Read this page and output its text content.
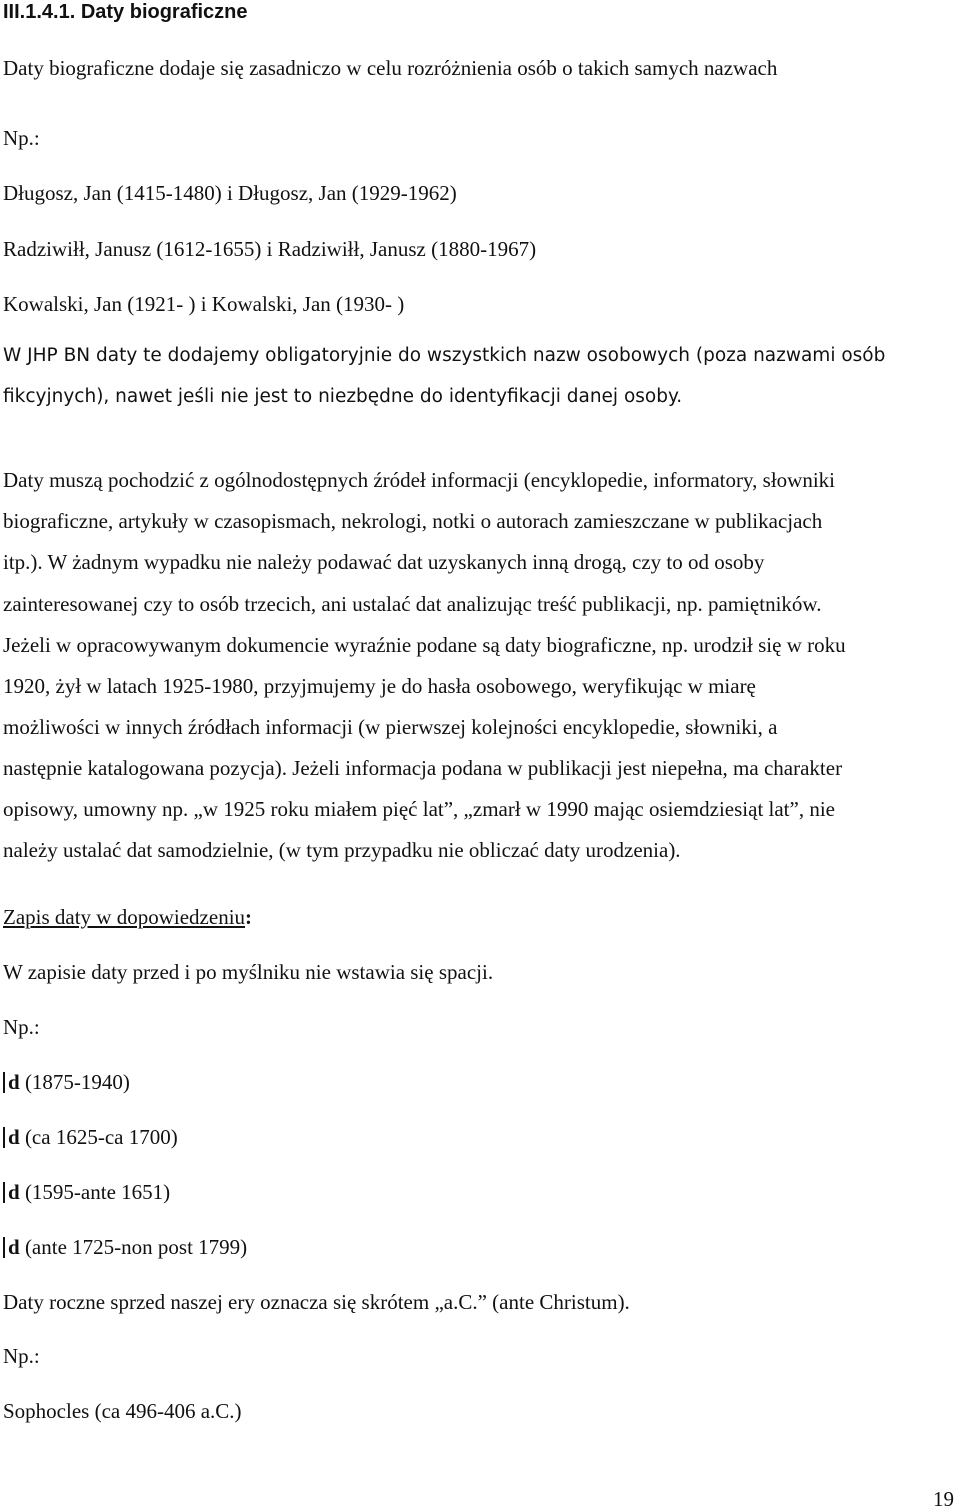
III.1.4.1. Daty biograficzne
Daty biograficzne dodaje się zasadniczo w celu rozróżnienia osób o takich samych nazwach
Np.:
Długosz, Jan (1415-1480) i Długosz, Jan (1929-1962)
Radziwiłł, Janusz (1612-1655) i Radziwiłł, Janusz (1880-1967)
Kowalski, Jan (1921- ) i Kowalski, Jan (1930- )
W JHP BN daty te dodajemy obligatoryjnie do wszystkich nazw osobowych (poza nazwami osób
fikcyjnych), nawet jeśli nie jest to niezbędne do identyfikacji danej osoby.
Daty muszą pochodzić z ogólnodostępnych źródeł informacji (encyklopedie, informatory, słowniki
biograficzne, artykuły w czasopismach, nekrologi, notki o autorach zamieszczane w publikacjach
itp.). W żadnym wypadku nie należy podawać dat uzyskanych inną drogą, czy to od osoby
zainteresowanej czy to osób trzecich, ani ustalać dat analizując treść publikacji, np. pamiętników.
Jeżeli w opracowywanym dokumencie wyraźnie podane są daty biograficzne, np. urodził się w roku
1920, żył w latach 1925-1980, przyjmujemy je do hasła osobowego, weryfikując w miarę
możliwości w innych źródłach informacji (w pierwszej kolejności encyklopedie, słowniki, a
następnie katalogowana pozycja). Jeżeli informacja podana w publikacji jest niepełna, ma charakter
opisowy, umowny np. „w 1925 roku miałem pięć lat”, „zmarł w 1990 mając osiemdziesiąt lat”, nie
należy ustalać dat samodzielnie, (w tym przypadku nie obliczać daty urodzenia).
Zapis daty w dopowiedzeniu:
W zapisie daty przed i po myślniku nie wstawia się spacji.
Np.:
d (1875-1940)
d (ca 1625-ca 1700)
d (1595-ante 1651)
d (ante 1725-non post 1799)
Daty roczne sprzed naszej ery oznacza się skrótem „a.C.” (ante Christum).
Np.:
Sophocles (ca 496-406 a.C.)
19
